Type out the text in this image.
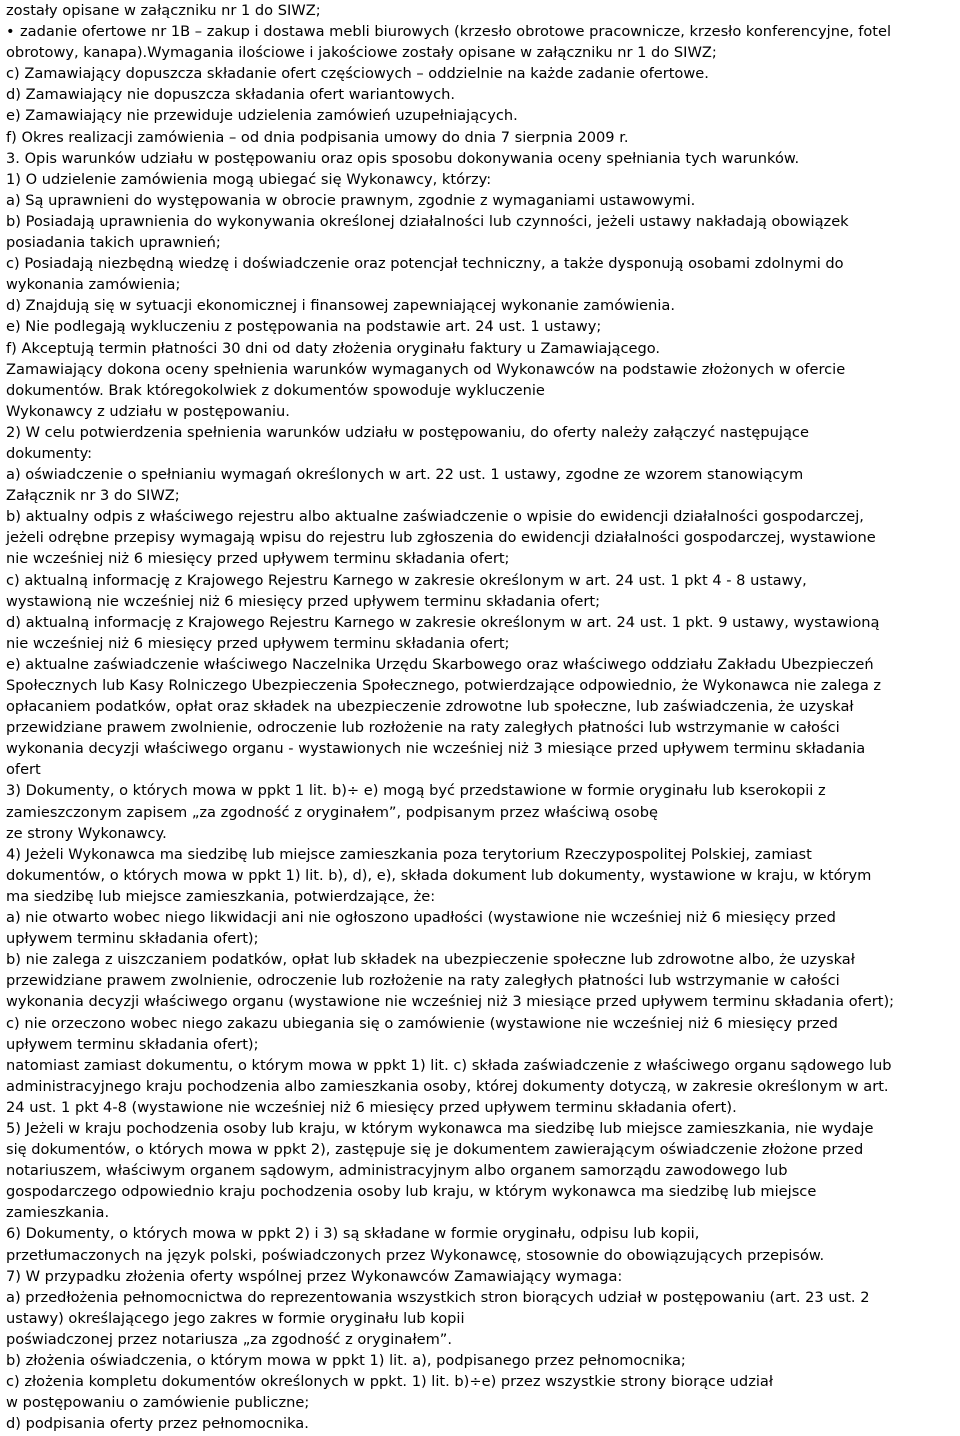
zostały opisane w załączniku nr 1 do SIWZ;
• zadanie ofertowe nr 1B – zakup i dostawa mebli biurowych (krzesło obrotowe pracownicze, krzesło konferencyjne, fotel
obrotowy, kanapa).Wymagania ilościowe i jakościowe zostały opisane w załączniku nr 1 do SIWZ;
c) Zamawiający dopuszcza składanie ofert częściowych – oddzielnie na każde zadanie ofertowe.
d) Zamawiający nie dopuszcza składania ofert wariantowych.
e) Zamawiający nie przewiduje udzielenia zamówień uzupełniających.
f) Okres realizacji zamówienia – od dnia podpisania umowy do dnia 7 sierpnia 2009 r.
3. Opis warunków udziału w postępowaniu oraz opis sposobu dokonywania oceny spełniania tych warunków.
1) O udzielenie zamówienia mogą ubiegać się Wykonawcy, którzy:
a) Są uprawnieni do występowania w obrocie prawnym, zgodnie z wymaganiami ustawowymi.
b) Posiadają uprawnienia do wykonywania określonej działalności lub czynności, jeżeli ustawy nakładają obowiązek
posiadania takich uprawnień;
c) Posiadają niezbędną wiedzę i doświadczenie oraz potencjał techniczny, a także dysponują osobami zdolnymi do
wykonania zamówienia;
d) Znajdują się w sytuacji ekonomicznej i finansowej zapewniającej wykonanie zamówienia.
e) Nie podlegają wykluczeniu z postępowania na podstawie art. 24 ust. 1 ustawy;
f) Akceptują termin płatności 30 dni od daty złożenia oryginału faktury u Zamawiającego.
Zamawiający dokona oceny spełnienia warunków wymaganych od Wykonawców na podstawie złożonych w ofercie
dokumentów. Brak któregokolwiek z dokumentów spowoduje wykluczenie
Wykonawcy z udziału w postępowaniu.
2) W celu potwierdzenia spełnienia warunków udziału w postępowaniu, do oferty należy załączyć następujące
dokumenty:
a) oświadczenie o spełnianiu wymagań określonych w art. 22 ust. 1 ustawy, zgodne ze wzorem stanowiącym
Załącznik nr 3 do SIWZ;
b) aktualny odpis z właściwego rejestru albo aktualne zaświadczenie o wpisie do ewidencji działalności gospodarczej,
jeżeli odrębne przepisy wymagają wpisu do rejestru lub zgłoszenia do ewidencji działalności gospodarczej, wystawione
nie wcześniej niż 6 miesięcy przed upływem terminu składania ofert;
c) aktualną informację z Krajowego Rejestru Karnego w zakresie określonym w art. 24 ust. 1 pkt 4 - 8 ustawy,
wystawioną nie wcześniej niż 6 miesięcy przed upływem terminu składania ofert;
d) aktualną informację z Krajowego Rejestru Karnego w zakresie określonym w art. 24 ust. 1 pkt. 9 ustawy, wystawioną
nie wcześniej niż 6 miesięcy przed upływem terminu składania ofert;
e) aktualne zaświadczenie właściwego Naczelnika Urzędu Skarbowego oraz właściwego oddziału Zakładu Ubezpieczeń
Społecznych lub Kasy Rolniczego Ubezpieczenia Społecznego, potwierdzające odpowiednio, że Wykonawca nie zalega z
opłacaniem podatków, opłat oraz składek na ubezpieczenie zdrowotne lub społeczne, lub zaświadczenia, że uzyskał
przewidziane prawem zwolnienie, odroczenie lub rozłożenie na raty zaległych płatności lub wstrzymanie w całości
wykonania decyzji właściwego organu - wystawionych nie wcześniej niż 3 miesiące przed upływem terminu składania
ofert
3) Dokumenty, o których mowa w ppkt 1 lit. b)÷ e) mogą być przedstawione w formie oryginału lub kserokopii z
zamieszczonym zapisem „za zgodność z oryginałem”, podpisanym przez właściwą osobę
ze strony Wykonawcy.
4) Jeżeli Wykonawca ma siedzibę lub miejsce zamieszkania poza terytorium Rzeczypospolitej Polskiej, zamiast
dokumentów, o których mowa w ppkt 1) lit. b), d), e), składa dokument lub dokumenty, wystawione w kraju, w którym
ma siedzibę lub miejsce zamieszkania, potwierdzające, że:
a) nie otwarto wobec niego likwidacji ani nie ogłoszono upadłości (wystawione nie wcześniej niż 6 miesięcy przed
upływem terminu składania ofert);
b) nie zalega z uiszczaniem podatków, opłat lub składek na ubezpieczenie społeczne lub zdrowotne albo, że uzyskał
przewidziane prawem zwolnienie, odroczenie lub rozłożenie na raty zaległych płatności lub wstrzymanie w całości
wykonania decyzji właściwego organu (wystawione nie wcześniej niż 3 miesiące przed upływem terminu składania ofert);
c) nie orzeczono wobec niego zakazu ubiegania się o zamówienie (wystawione nie wcześniej niż 6 miesięcy przed
upływem terminu składania ofert);
natomiast zamiast dokumentu, o którym mowa w ppkt 1) lit. c) składa zaświadczenie z właściwego organu sądowego lub
administracyjnego kraju pochodzenia albo zamieszkania osoby, której dokumenty dotyczą, w zakresie określonym w art.
24 ust. 1 pkt 4-8 (wystawione nie wcześniej niż 6 miesięcy przed upływem terminu składania ofert).
5) Jeżeli w kraju pochodzenia osoby lub kraju, w którym wykonawca ma siedzibę lub miejsce zamieszkania, nie wydaje
się dokumentów, o których mowa w ppkt 2), zastępuje się je dokumentem zawierającym oświadczenie złożone przed
notariuszem, właściwym organem sądowym, administracyjnym albo organem samorządu zawodowego lub
gospodarczego odpowiednio kraju pochodzenia osoby lub kraju, w którym wykonawca ma siedzibę lub miejsce
zamieszkania.
6) Dokumenty, o których mowa w ppkt 2) i 3) są składane w formie oryginału, odpisu lub kopii,
przetłumaczonych na język polski, poświadczonych przez Wykonawcę, stosownie do obowiązujących przepisów.
7) W przypadku złożenia oferty wspólnej przez Wykonawców Zamawiający wymaga:
a) przedłożenia pełnomocnictwa do reprezentowania wszystkich stron biorących udział w postępowaniu (art. 23 ust. 2
ustawy) określającego jego zakres w formie oryginału lub kopii
poświadczonej przez notariusza „za zgodność z oryginałem”.
b) złożenia oświadczenia, o którym mowa w ppkt 1) lit. a), podpisanego przez pełnomocnika;
c) złożenia kompletu dokumentów określonych w ppkt. 1) lit. b)÷e) przez wszystkie strony biorące udział
w postępowaniu o zamówienie publiczne;
d) podpisania oferty przez pełnomocnika.
